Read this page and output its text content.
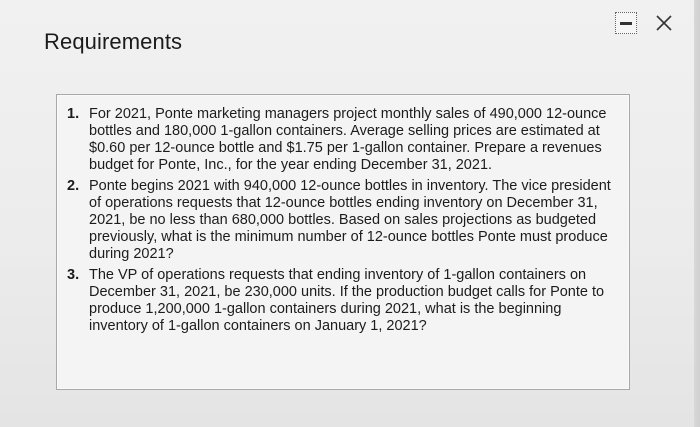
Requirements
1. For 2021, Ponte marketing managers project monthly sales of 490,000 12-ounce bottles and 180,000 1-gallon containers. Average selling prices are estimated at $0.60 per 12-ounce bottle and $1.75 per 1-gallon container. Prepare a revenues budget for Ponte, Inc., for the year ending December 31, 2021.
2. Ponte begins 2021 with 940,000 12-ounce bottles in inventory. The vice president of operations requests that 12-ounce bottles ending inventory on December 31, 2021, be no less than 680,000 bottles. Based on sales projections as budgeted previously, what is the minimum number of 12-ounce bottles Ponte must produce during 2021?
3. The VP of operations requests that ending inventory of 1-gallon containers on December 31, 2021, be 230,000 units. If the production budget calls for Ponte to produce 1,200,000 1-gallon containers during 2021, what is the beginning inventory of 1-gallon containers on January 1, 2021?
